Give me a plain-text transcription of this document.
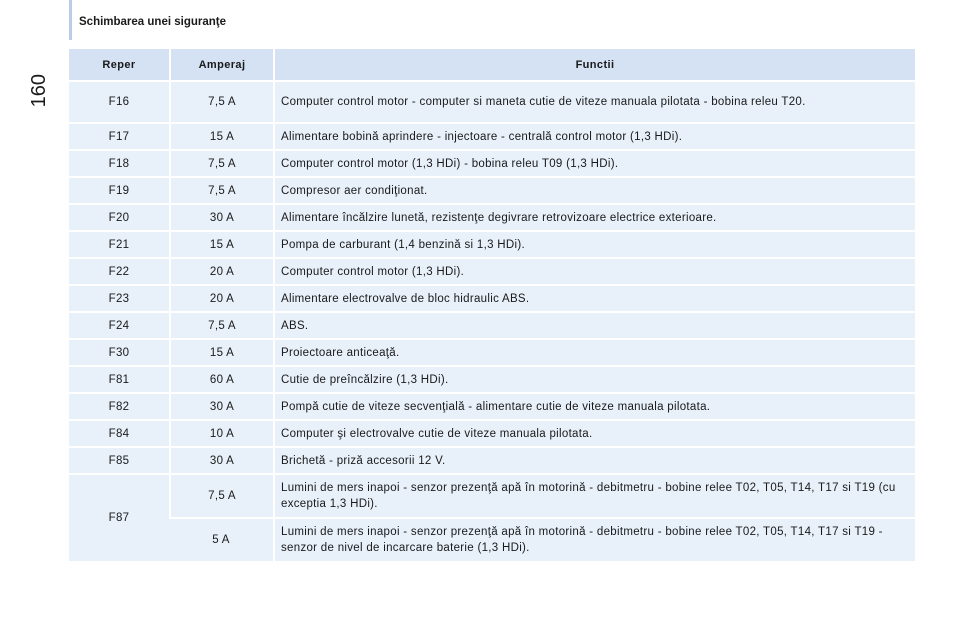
Schimbarea unei siguranţe
160
Reper	Amperaj	Functii
F16	7,5 A	Computer control motor - computer si maneta cutie de viteze manuala pilotata - bobina releu T20.
F17	15 A	Alimentare bobină aprindere - injectoare - centrală control motor (1,3 HDi).
F18	7,5 A	Computer control motor (1,3 HDi) - bobina releu T09 (1,3 HDi).
F19	7,5 A	Compresor aer condiţionat.
F20	30 A	Alimentare încălzire lunetă, rezistenţe degivrare retrovizoare electrice exterioare.
F21	15 A	Pompa de carburant (1,4 benzină si 1,3 HDi).
F22	20 A	Computer control motor (1,3 HDi).
F23	20 A	Alimentare electrovalve de bloc hidraulic ABS.
F24	7,5 A	ABS.
F30	15 A	Proiectoare anticeaţă.
F81	60 A	Cutie de preîncălzire (1,3 HDi).
F82	30 A	Pompă cutie de viteze secvenţială - alimentare cutie de viteze manuala pilotata.
F84	10 A	Computer şi electrovalve cutie de viteze manuala pilotata.
F85	30 A	Brichetă - priză accesorii 12 V.
F87	7,5 A	Lumini de mers inapoi - senzor prezenţă apă în motorină - debitmetru - bobine relee T02, T05, T14, T17 si T19 (cu exceptia 1,3 HDi).
	5 A	Lumini de mers inapoi - senzor prezenţă apă în motorină - debitmetru - bobine relee T02, T05, T14, T17 si T19 - senzor de nivel de incarcare baterie (1,3 HDi).
